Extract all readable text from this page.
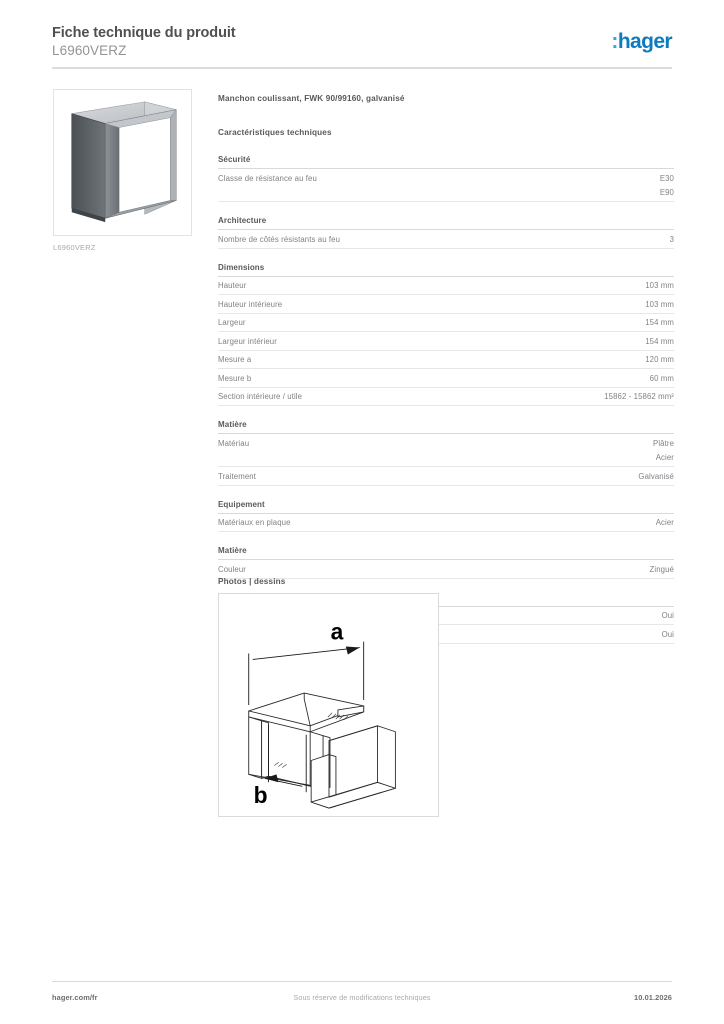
Fiche technique du produit
L6960VERZ	:hager
L6960VERZ
Manchon coulissant, FWK 90/99160, galvanisé
Caractéristiques techniques
Sécurité
Classe de résistance au feu	E30
E90
Architecture
Nombre de côtés résistants au feu	3
Dimensions
Hauteur	103 mm
Hauteur intérieure	103 mm
Largeur	154 mm
Largeur intérieur	154 mm
Mesure a	120 mm
Mesure b	60 mm
Section intérieure / utile	15862 - 15862 mm²
Matière
Matériau	Plâtre
Acier
Traitement	Galvanisé
Equipement
Matériaux en plaque	Acier
Matière
Couleur	Zingué
Oui
Oui
Photos | dessins
a
b
hager.com/fr	Sous réserve de modifications techniques	10.01.2026
